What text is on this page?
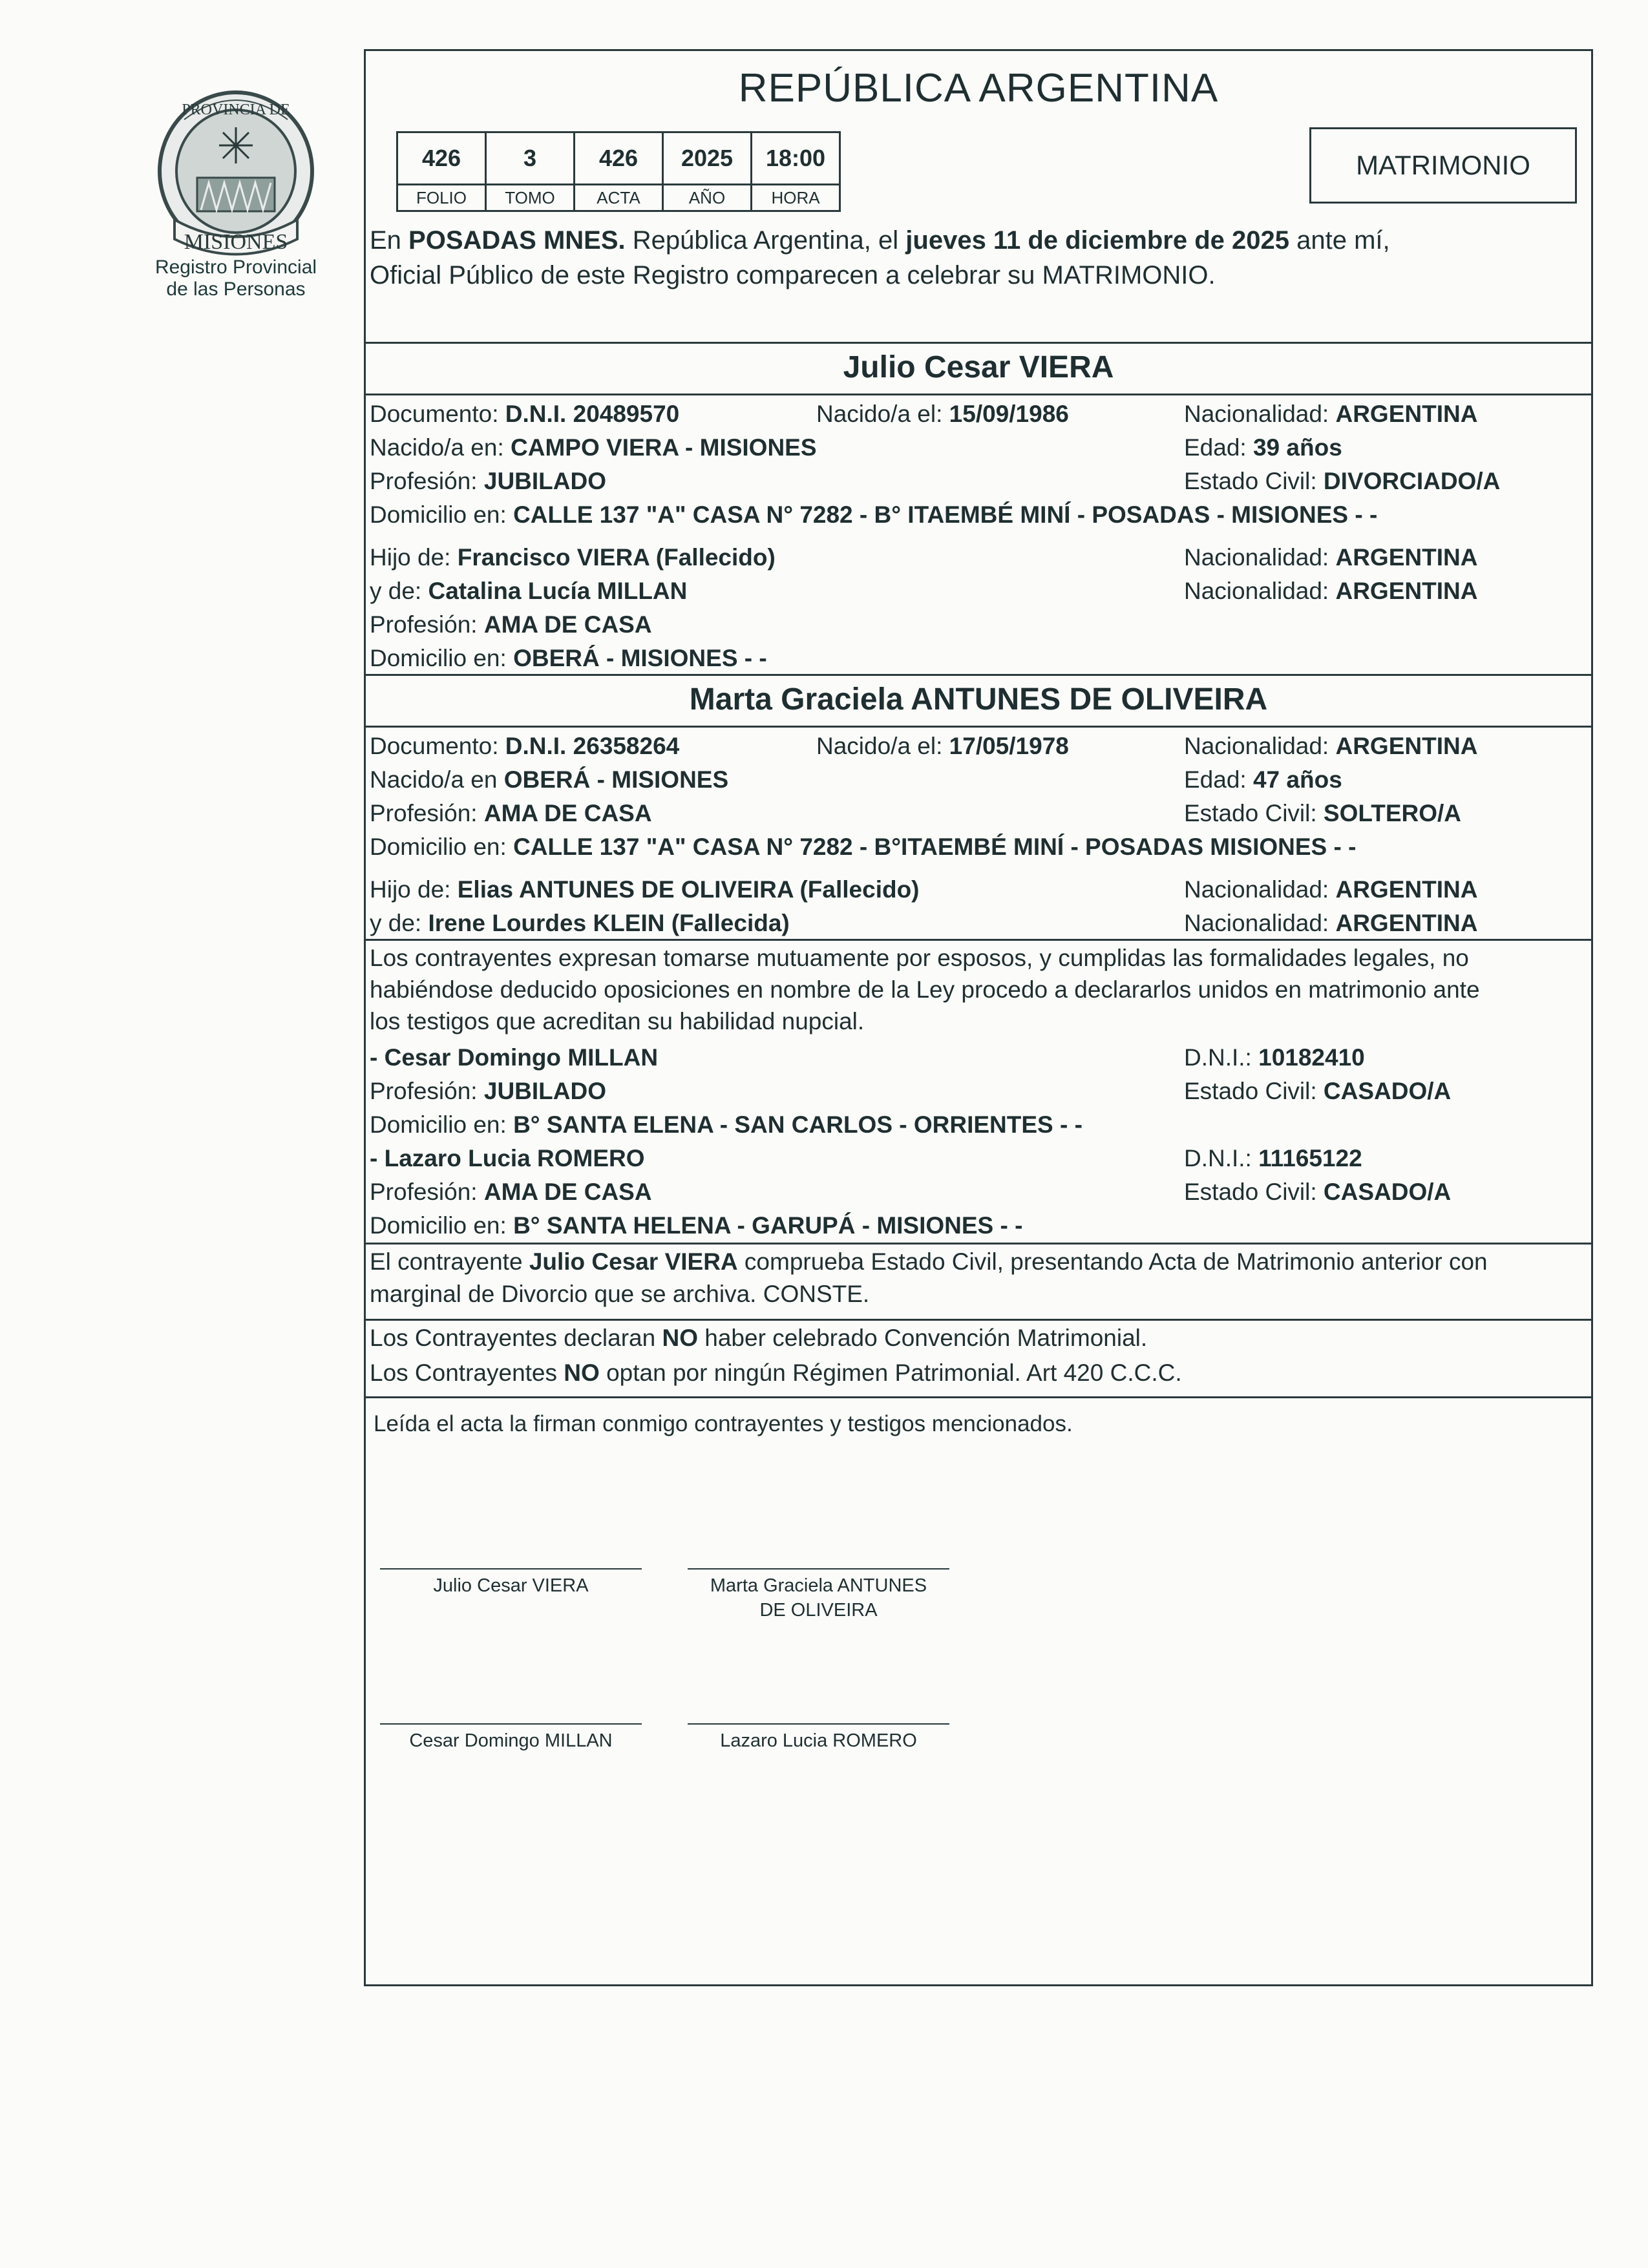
PROVINCIA DE
MISIONES
Registro Provincial
de las Personas
REPÚBLICA ARGENTINA
426	3	426	2025	18:00
FOLIO	TOMO	ACTA	AÑO	HORA
MATRIMONIO
En POSADAS MNES. República Argentina, el jueves 11 de diciembre de 2025 ante mí,
Oficial Público de este Registro comparecen a celebrar su MATRIMONIO.
Julio Cesar VIERA
Documento: D.N.I. 20489570	Nacido/a el: 15/09/1986	Nacionalidad: ARGENTINA
Nacido/a en: CAMPO VIERA - MISIONES	Edad: 39 años
Profesión: JUBILADO	Estado Civil: DIVORCIADO/A
Domicilio en: CALLE 137 "A" CASA N° 7282 - B° ITAEMBÉ MINÍ - POSADAS - MISIONES - -
Hijo de: Francisco VIERA (Fallecido)	Nacionalidad: ARGENTINA
y de: Catalina Lucía MILLAN	Nacionalidad: ARGENTINA
Profesión: AMA DE CASA
Domicilio en: OBERÁ - MISIONES - -
Marta Graciela ANTUNES DE OLIVEIRA
Documento: D.N.I. 26358264	Nacido/a el: 17/05/1978	Nacionalidad: ARGENTINA
Nacido/a en OBERÁ - MISIONES	Edad: 47 años
Profesión: AMA DE CASA	Estado Civil: SOLTERO/A
Domicilio en: CALLE 137 "A" CASA N° 7282 - B°ITAEMBÉ MINÍ - POSADAS MISIONES - -
Hijo de: Elias ANTUNES DE OLIVEIRA (Fallecido)	Nacionalidad: ARGENTINA
y de: Irene Lourdes KLEIN (Fallecida)	Nacionalidad: ARGENTINA
Los contrayentes expresan tomarse mutuamente por esposos, y cumplidas las formalidades legales, no
habiéndose deducido oposiciones en nombre de la Ley procedo a declararlos unidos en matrimonio ante
los testigos que acreditan su habilidad nupcial.
- Cesar Domingo MILLAN	D.N.I.: 10182410
Profesión: JUBILADO	Estado Civil: CASADO/A
Domicilio en: B° SANTA ELENA - SAN CARLOS - ORRIENTES - -
- Lazaro Lucia ROMERO	D.N.I.: 11165122
Profesión: AMA DE CASA	Estado Civil: CASADO/A
Domicilio en: B° SANTA HELENA - GARUPÁ - MISIONES - -
El contrayente Julio Cesar VIERA comprueba Estado Civil, presentando Acta de Matrimonio anterior con
marginal de Divorcio que se archiva. CONSTE.
Los Contrayentes declaran NO haber celebrado Convención Matrimonial.
Los Contrayentes NO optan por ningún Régimen Patrimonial. Art 420 C.C.C.
Leída el acta la firman conmigo contrayentes y testigos mencionados.
Julio Cesar VIERA	Marta Graciela ANTUNES
DE OLIVEIRA
Cesar Domingo MILLAN	Lazaro Lucia ROMERO
